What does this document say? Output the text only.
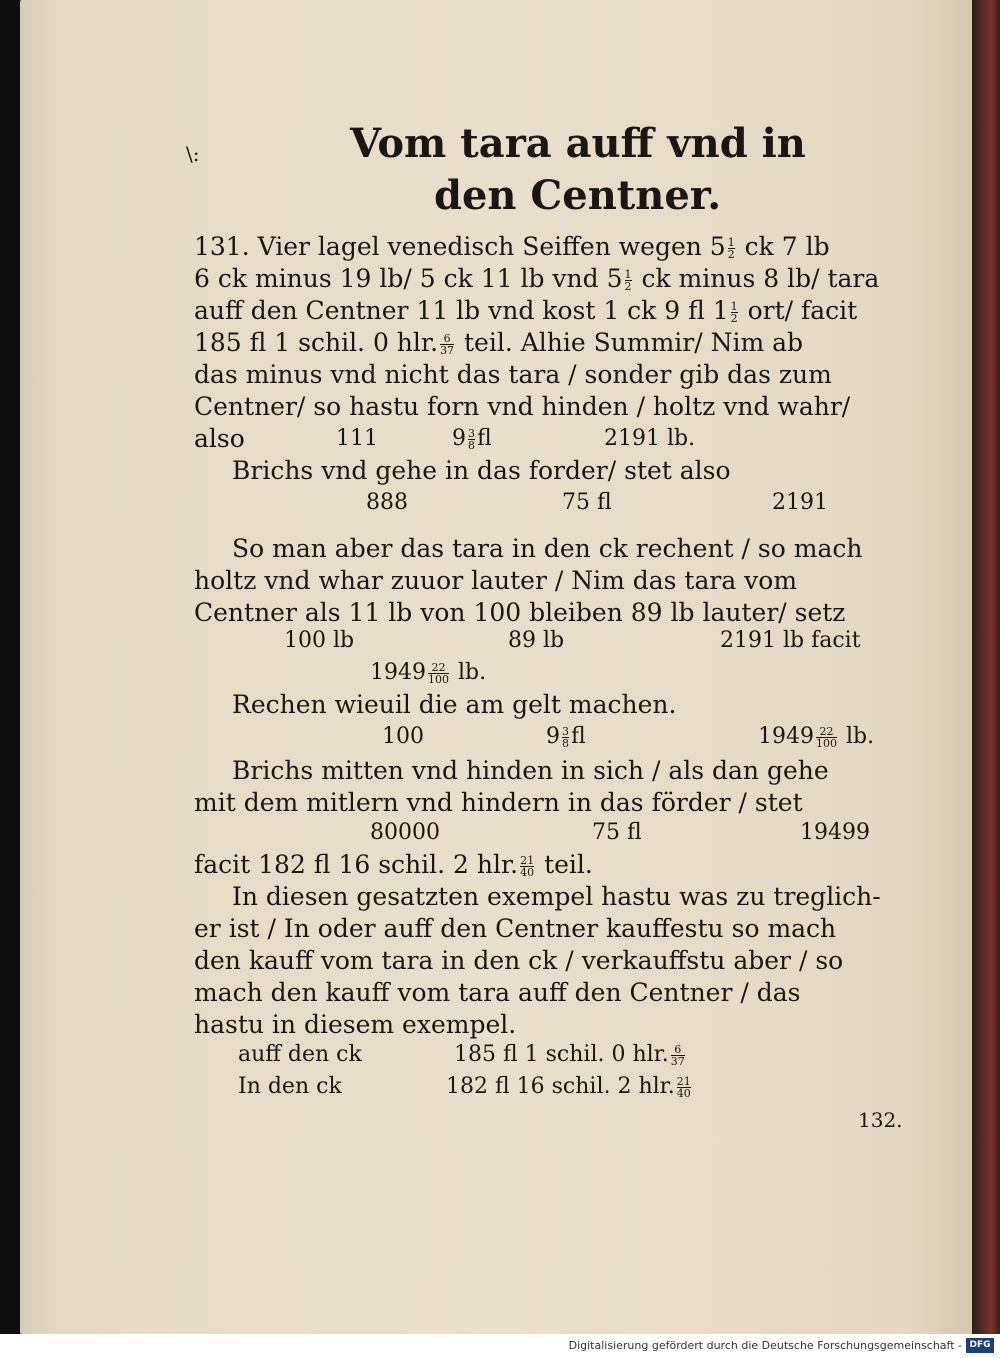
\:	Vom tara auff vnd in
den Centner.
131. Vier lagel venedisch Seiffen wegen $5 \frac{1}{2}$ ck 7 lb
6 ck minus 19 lb/ 5 ck 11 lb vnd $5 \frac{1}{2}$ ck minus 8 lb/ tara
auff den Centner 11 lb vnd kost 1 ck 9 fl $1 \frac{1}{2} ort/$ facit
185 fl 1 schil. 0 hlr. $\frac{6}{37}$ teil. Alhie Summir/ Nim ab
das minus vnd nicht das tara / sonder gib das zum
Centner/ so hastu forn vnd hinden / holtz vnd wahr/
also	111	$9 \frac{3}{8}$ fl	2191 lb.
Brichs vnd gehe in das forder/ stet also
888	75 fl	2191
So man aber das tara in den ck rechent / so mach
holtz vnd whar zuuor lauter / Nim das tara vom
Centner als 11 lb von 100 bleiben 89 lb lauter/ setz
100 lb	89 lb	2191 lb facit
$1949 \frac{22}{100}$ lb.
Rechen wieuil die am gelt machen.
100	$9 \frac{3}{8}$ fl	$1949 \frac{22}{100}$ lb.
Brichs mitten vnd hinden in sich / als dan gehe
mit dem mitlern vnd hindern in das förder / stet
80000	75 fl	19499
facit 182 fl 16 schil. 2 hlr. $\frac{21}{40}$ teil.
In diesen gesatzten exempel hastu was zu treglich-
er ist / In oder auff den Centner kauffestu so mach
den kauff vom tara in den ck / verkauffstu aber / so
mach den kauff vom tara auff den Centner / das
hastu in diesem exempel.
auff den ck	185 fl 1 schil. 0 hlr. $\frac{6}{37}$
In den ck	182 fl 16 schil. 2 hlr. $\frac{21}{40}$
132.
Digitalisierung gefördert durch die Deutsche Forschungsgemeinschaft - DFG
